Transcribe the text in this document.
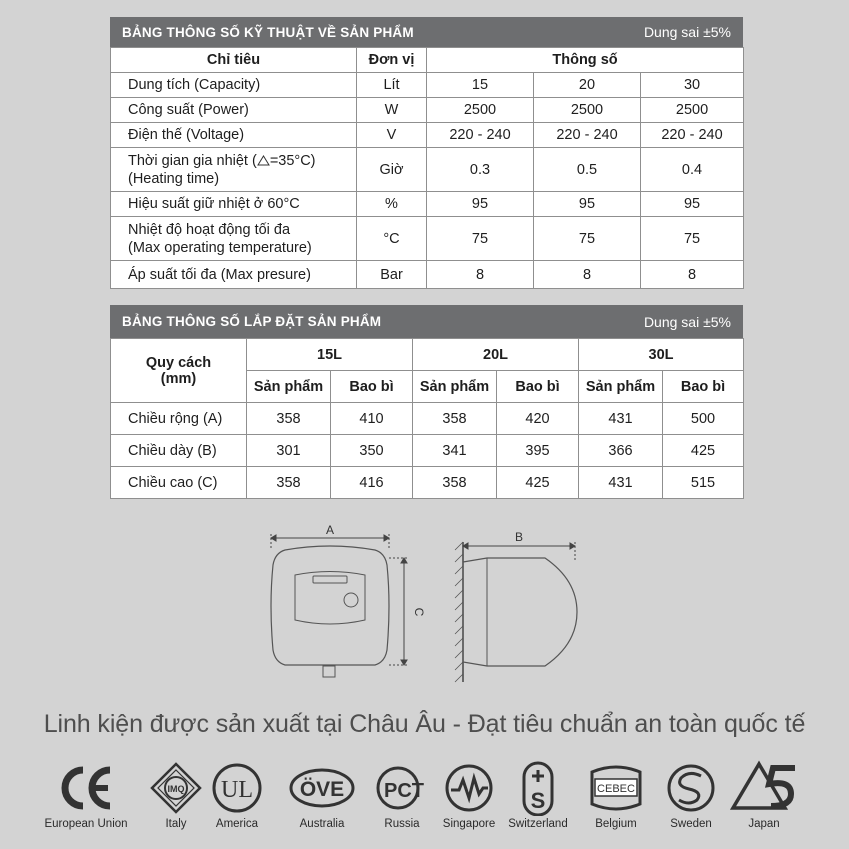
BẢNG THÔNG SỐ KỸ THUẬT VỀ SẢN PHẨM	Dung sai ±5%
Chỉ tiêu	Đơn vị	Thông số		
Dung tích (Capacity)	Lít	15	20	30
Công suất (Power)	W	2500	2500	2500
Điện thế (Voltage)	V	220 - 240	220 - 240	220 - 240
Thời gian gia nhiệt ( =35°C)
(Heating time)	Giờ	0.3	0.5	0.4
Hiệu suất giữ nhiệt ở 60°C	%	95	95	95
Nhiệt độ hoạt động tối đa
(Max operating temperature)	°C	75	75	75
Áp suất tối đa (Max presure)	Bar	8	8	8
BẢNG THÔNG SỐ LẮP ĐẶT SẢN PHẨM	Dung sai ±5%
Quy cách
(mm)	15L		20L		30L	
	Sản phẩm	Bao bì	Sản phẩm	Bao bì	Sản phẩm	Bao bì
Chiều rộng (A)	358	410	358	420	431	500
Chiều dày (B)	301	350	341	395	366	425
Chiều cao (C)	358	416	358	425	431	515
A
C
B
Linh kiện được sản xuất tại Châu Âu - Đạt tiêu chuẩn an toàn quốc tế
European Union
IMQ
Italy
UL
America
ÖVE
Australia
PCT
Russia	Singapore
S
Switzerland
CEBEC
Belgium	Sweden	Japan
